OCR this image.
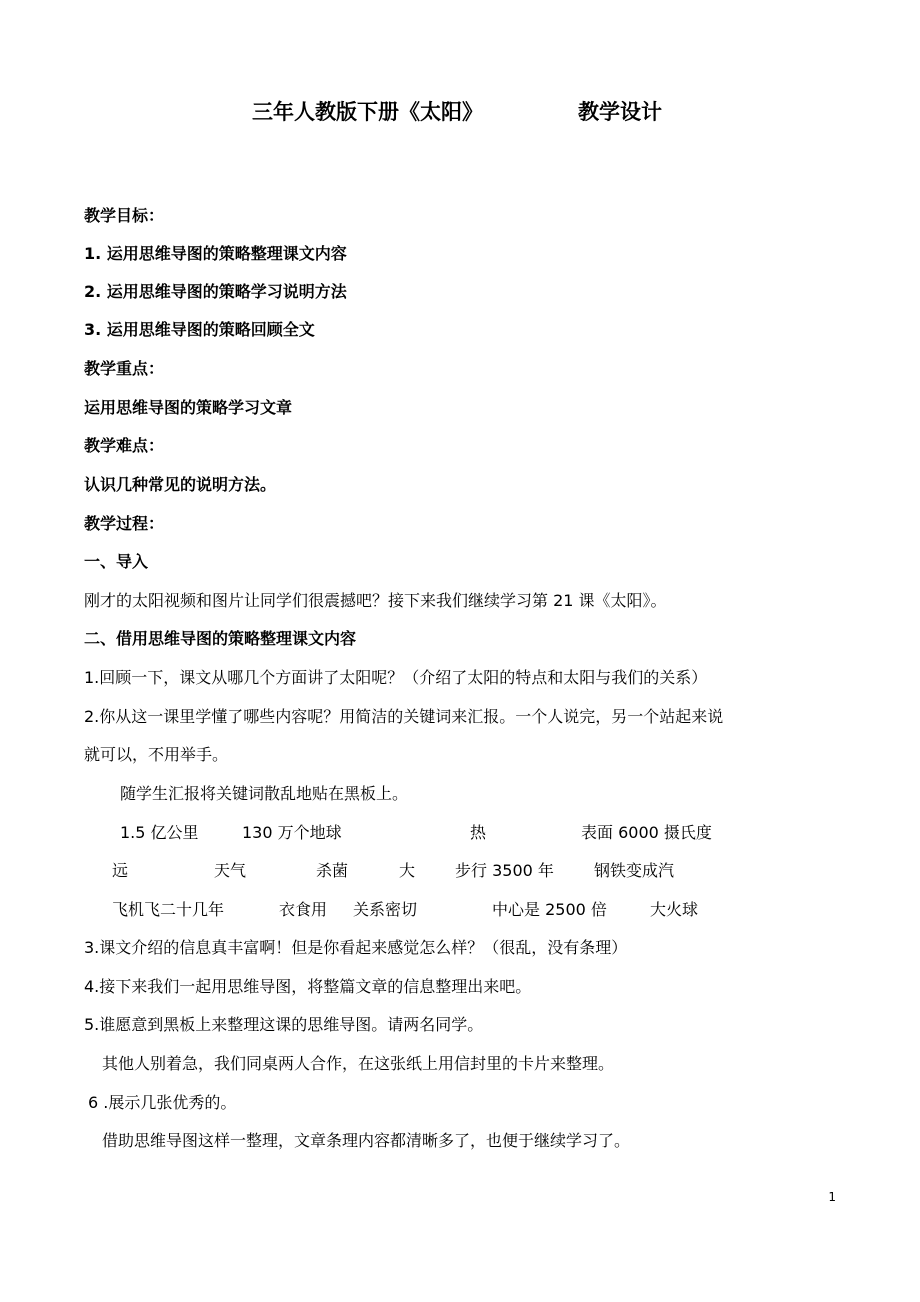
三年人教版下册《太阳》	教学设计
教学目标：
1. 运用思维导图的策略整理课文内容
2. 运用思维导图的策略学习说明方法
3. 运用思维导图的策略回顾全文
教学重点：
运用思维导图的策略学习文章
教学难点：
认识几种常见的说明方法。
教学过程：
一、导入
刚才的太阳视频和图片让同学们很震撼吧？接下来我们继续学习第 21 课《太阳》。
二、借用思维导图的策略整理课文内容
1.回顾一下，课文从哪几个方面讲了太阳呢？（介绍了太阳的特点和太阳与我们的关系）
2.你从这一课里学懂了哪些内容呢？用简洁的关键词来汇报。一个人说完，另一个站起来说
就可以，不用举手。
随学生汇报将关键词散乱地贴在黑板上。
1.5 亿公里	130 万个地球	热	表面 6000 摄氏度
远	天气	杀菌	大 步行 3500 年	钢铁变成汽
飞机飞二十几年	衣食用 关系密切	中心是 2500 倍	大火球
3.课文介绍的信息真丰富啊！但是你看起来感觉怎么样？（很乱，没有条理）
4.接下来我们一起用思维导图，将整篇文章的信息整理出来吧。
5.谁愿意到黑板上来整理这课的思维导图。请两名同学。
其他人别着急，我们同桌两人合作，在这张纸上用信封里的卡片来整理。
6 .展示几张优秀的。
借助思维导图这样一整理，文章条理内容都清晰多了，也便于继续学习了。
1
